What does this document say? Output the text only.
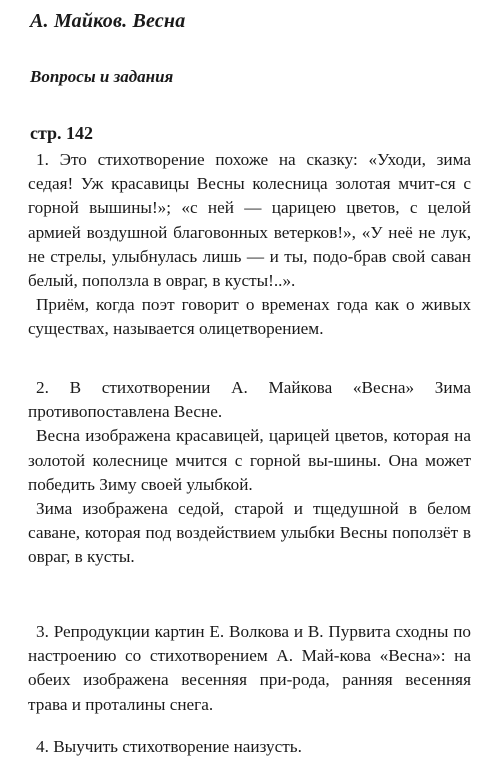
А. Майков. Весна
Вопросы и задания
стр. 142

1. Это стихотворение похоже на сказку: «Уходи, зима седая! Уж красавицы Весны колесница золотая мчит-ся с горной вышины!»; «с ней — царицею цветов, с целой армией воздушной благовонных ветерков!», «У неё не лук, не стрелы, улыбнулась лишь — и ты, подо-брав свой саван белый, поползла в овраг, в кусты!..».

Приём, когда поэт говорит о временах года как о живых существах, называется олицетворением.

2. В стихотворении А. Майкова «Весна» Зима противопоставлена Весне.

Весна изображена красавицей, царицей цветов, которая на золотой колеснице мчится с горной вы-шины. Она может победить Зиму своей улыбкой.

Зима изображена седой, старой и тщедушной в белом саване, которая под воздействием улыбки Весны поползёт в овраг, в кусты.

3. Репродукции картин Е. Волкова и В. Пурвита сходны по настроению со стихотворением А. Май-кова «Весна»: на обеих изображена весенняя при-рода, ранняя весенняя трава и проталины снега.

4. Выучить стихотворение наизусть.
